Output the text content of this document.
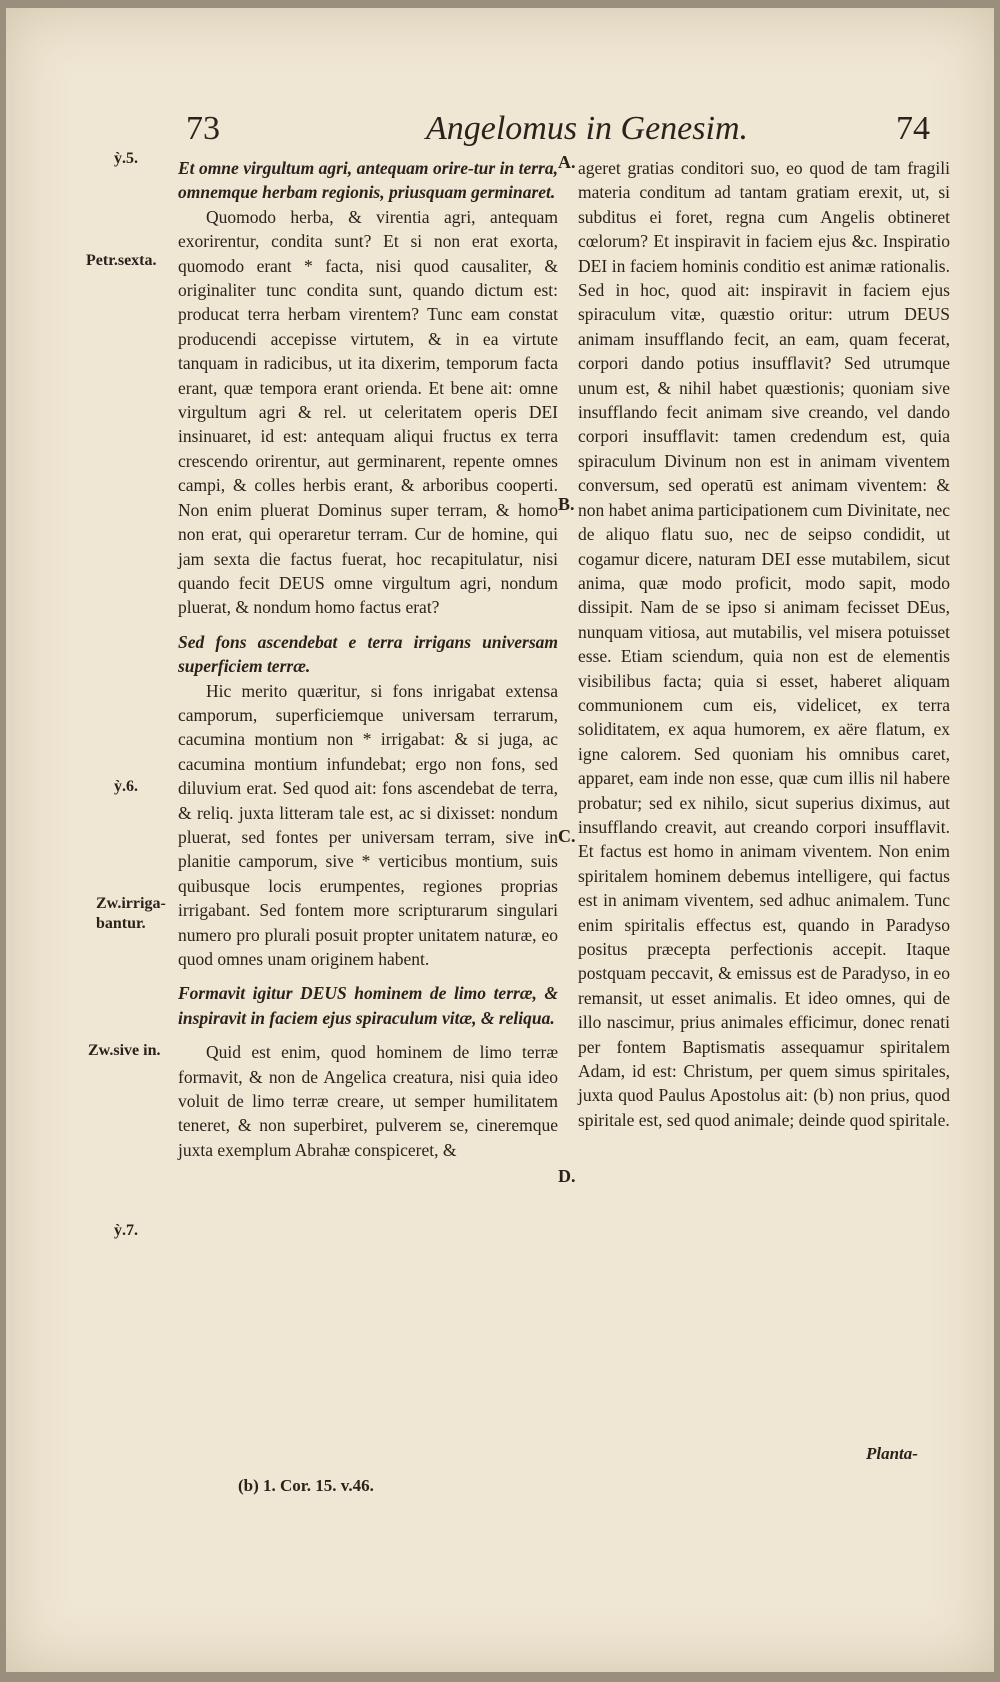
73	Angelomus in Genesim.	74
ỳ.5.
Petr.sexta.
ỳ.6.
Zw.irriga-bantur.
Zw.sive in.
ỳ.7.
A.
B.
C.
D.

Et omne virgultum agri, antequam orire-tur in terra, omnemque herbam regionis, priusquam germinaret.

Quomodo herba, & virentia agri, antequam exorirentur, condita sunt? Et si non erat exorta, quomodo erant * facta, nisi quod causaliter, & originaliter tunc condita sunt, quando dictum est: producat terra herbam virentem? Tunc eam constat producendi accepisse virtutem, & in ea virtute tanquam in radicibus, ut ita dixerim, temporum facta erant, quæ tempora erant orienda. Et bene ait: omne virgultum agri & rel. ut celeritatem operis DEI insinuaret, id est: antequam aliqui fructus ex terra crescendo orirentur, aut germinarent, repente omnes campi, & colles herbis erant, & arboribus cooperti. Non enim pluerat Dominus super terram, & homo non erat, qui operaretur terram. Cur de homine, qui jam sexta die factus fuerat, hoc recapitulatur, nisi quando fecit DEUS omne virgultum agri, nondum pluerat, & nondum homo factus erat?

Sed fons ascendebat e terra irrigans universam superficiem terræ.

Hic merito quæritur, si fons inrigabat extensa camporum, superficiemque universam terrarum, cacumina montium non * irrigabat: & si juga, ac cacumina montium infundebat; ergo non fons, sed diluvium erat. Sed quod ait: fons ascendebat de terra, & reliq. juxta litteram tale est, ac si dixisset: nondum pluerat, sed fontes per universam terram, sive in planitie camporum, sive * verticibus montium, suis quibusque locis erumpentes, regiones proprias irrigabant. Sed fontem more scripturarum singulari numero pro plurali posuit propter unitatem naturæ, eo quod omnes unam originem habent.

Formavit igitur DEUS hominem de limo terræ, & inspiravit in faciem ejus spiraculum vitæ, & reliqua.

Quid est enim, quod hominem de limo terræ formavit, & non de Angelica creatura, nisi quia ideo voluit de limo terræ creare, ut semper humilitatem teneret, & non superbiret, pulverem se, cineremque juxta exemplum Abrahæ conspiceret, &

ageret gratias conditori suo, eo quod de tam fragili materia conditum ad tantam gratiam erexit, ut, si subditus ei foret, regna cum Angelis obtineret cœlorum? Et inspiravit in faciem ejus &c. Inspiratio DEI in faciem hominis conditio est animæ rationalis. Sed in hoc, quod ait: inspiravit in faciem ejus spiraculum vitæ, quæstio oritur: utrum DEUS animam insufflando fecit, an eam, quam fecerat, corpori dando potius insufflavit? Sed utrumque unum est, & nihil habet quæstionis; quoniam sive insufflando fecit animam sive creando, vel dando corpori insufflavit: tamen credendum est, quia spiraculum Divinum non est in animam viventem conversum, sed operatū est animam viventem: & non habet anima participationem cum Divinitate, nec de aliquo flatu suo, nec de seipso condidit, ut cogamur dicere, naturam DEI esse mutabilem, sicut anima, quæ modo proficit, modo sapit, modo dissipit. Nam de se ipso si animam fecisset DEus, nunquam vitiosa, aut mutabilis, vel misera potuisset esse. Etiam sciendum, quia non est de elementis visibilibus facta; quia si esset, haberet aliquam communionem cum eis, videlicet, ex terra soliditatem, ex aqua humorem, ex aëre flatum, ex igne calorem. Sed quoniam his omnibus caret, apparet, eam inde non esse, quæ cum illis nil habere probatur; sed ex nihilo, sicut superius diximus, aut insufflando creavit, aut creando corpori insufflavit. Et factus est homo in animam viventem. Non enim spiritalem hominem debemus intelligere, qui factus est in animam viventem, sed adhuc animalem. Tunc enim spiritalis effectus est, quando in Paradyso positus præcepta perfectionis accepit. Itaque postquam peccavit, & emissus est de Paradyso, in eo remansit, ut esset animalis. Et ideo omnes, qui de illo nascimur, prius animales efficimur, donec renati per fontem Baptismatis assequamur spiritalem Adam, id est: Christum, per quem simus spiritales, juxta quod Paulus Apostolus ait: (b) non prius, quod spiritale est, sed quod animale; deinde quod spiritale.

Planta-
(b) 1. Cor. 15. v.46.
